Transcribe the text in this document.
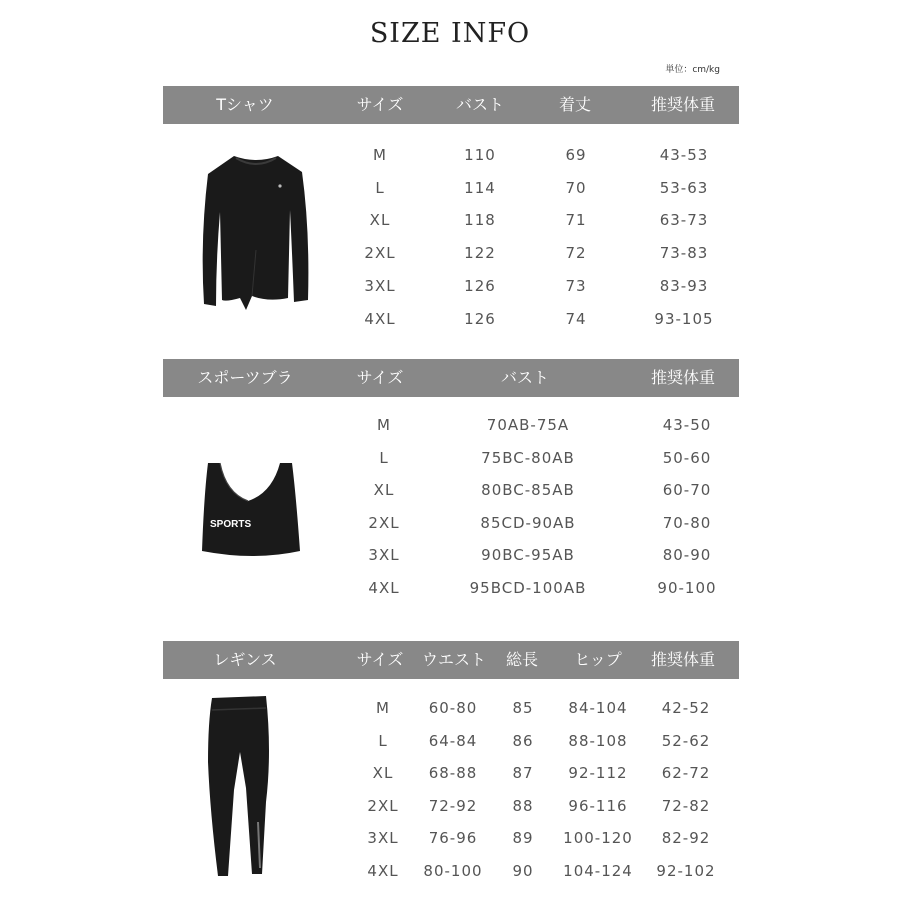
SIZE INFO
単位：cm/kg
Tシャツ	サイズ	バスト	着丈	推奨体重
M	110	69	43-53
L	114	70	53-63
XL	118	71	63-73
2XL	122	72	73-83
3XL	126	73	83-93
4XL	126	74	93-105
スポーツブラ	サイズ	バスト	推奨体重
M	70AB-75A	43-50
L	75BC-80AB	50-60
XL	80BC-85AB	60-70
2XL	85CD-90AB	70-80
3XL	90BC-95AB	80-90
4XL	95BCD-100AB	90-100
SPORTS
レギンス	サイズ ウエスト 総長 ヒップ 推奨体重
M	60-80 85 84-104 42-52
L	64-84 86 88-108 52-62
XL 68-88 87 92-112 62-72
2XL 72-92 88 96-116 72-82
3XL 76-96 89 100-120 82-92
4XL 80-100 90 104-124 92-102
